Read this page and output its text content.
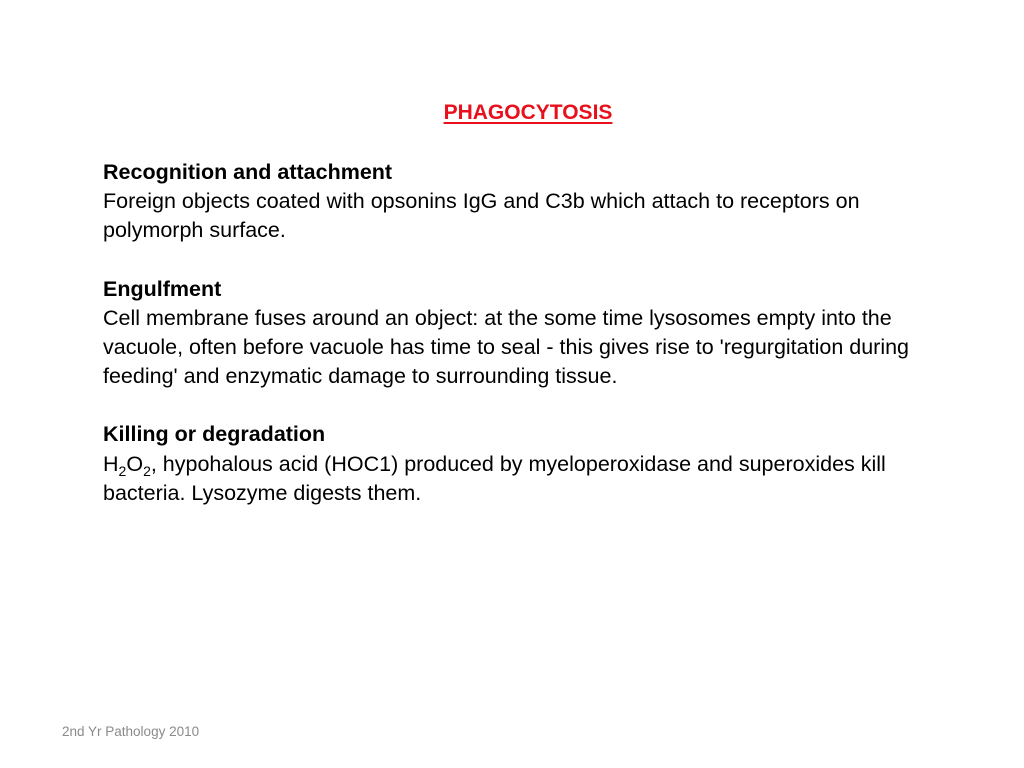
PHAGOCYTOSIS
Recognition and attachment
Foreign objects coated with opsonins IgG and C3b which attach to receptors on polymorph surface.
Engulfment
Cell membrane fuses around an object: at the some time lysosomes empty into the vacuole, often before vacuole has time to seal - this gives rise to 'regurgitation during feeding' and enzymatic damage to surrounding tissue.
Killing or degradation
$H_2O_2$, hypohalous acid (HOC1) produced by myeloperoxidase and superoxides kill bacteria. Lysozyme digests them.
2nd Yr Pathology 2010
